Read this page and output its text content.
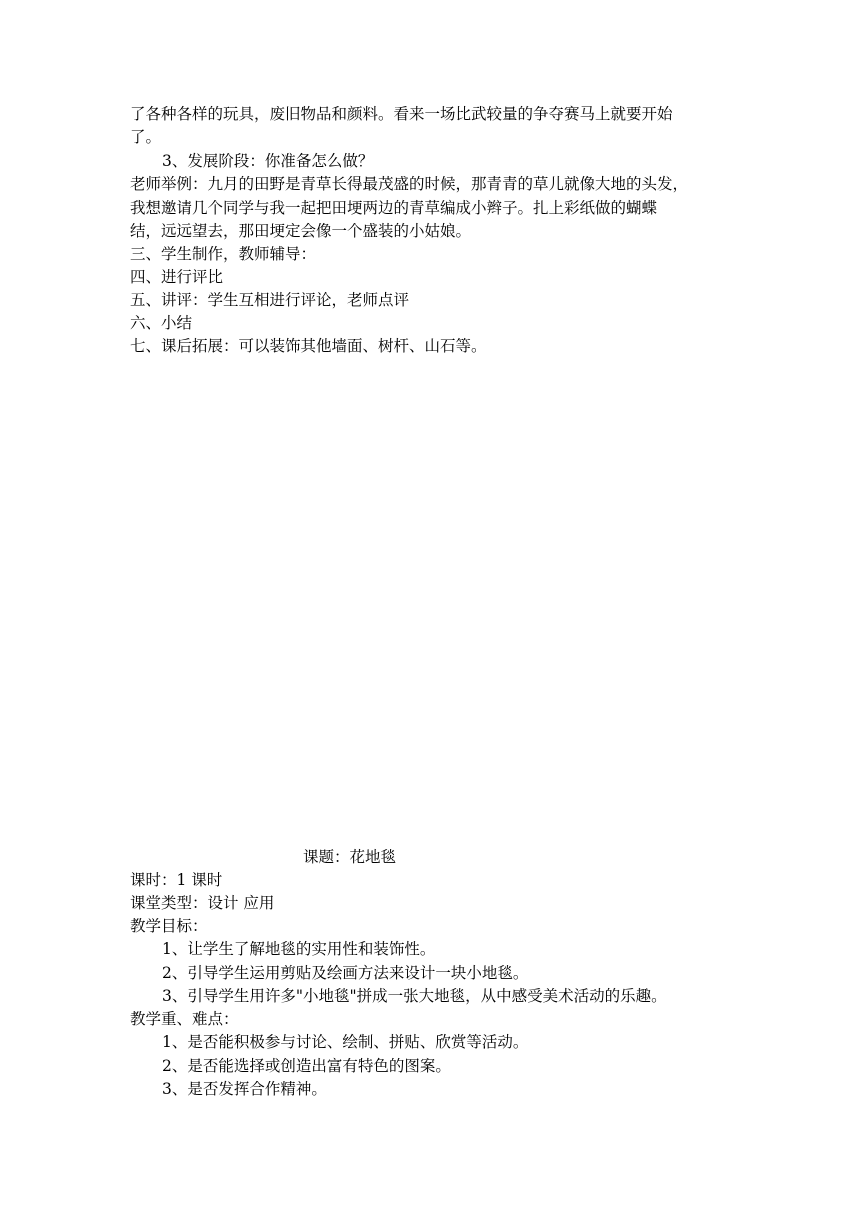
了各种各样的玩具，废旧物品和颜料。看来一场比武较量的争夺赛马上就要开始
了。
3、发展阶段：你准备怎么做？
老师举例：九月的田野是青草长得最茂盛的时候，那青青的草儿就像大地的头发，
我想邀请几个同学与我一起把田埂两边的青草编成小辫子。扎上彩纸做的蝴蝶
结，远远望去，那田埂定会像一个盛装的小姑娘。
三、学生制作，教师辅导：
四、进行评比
五、讲评：学生互相进行评论，老师点评
六、小结
七、课后拓展：可以装饰其他墙面、树杆、山石等。
课题：花地毯
课时：1 课时
课堂类型：设计 应用
教学目标：
1、让学生了解地毯的实用性和装饰性。
2、引导学生运用剪贴及绘画方法来设计一块小地毯。
3、引导学生用许多"小地毯"拼成一张大地毯，从中感受美术活动的乐趣。
教学重、难点：
1、是否能积极参与讨论、绘制、拼贴、欣赏等活动。
2、是否能选择或创造出富有特色的图案。
3、是否发挥合作精神。
